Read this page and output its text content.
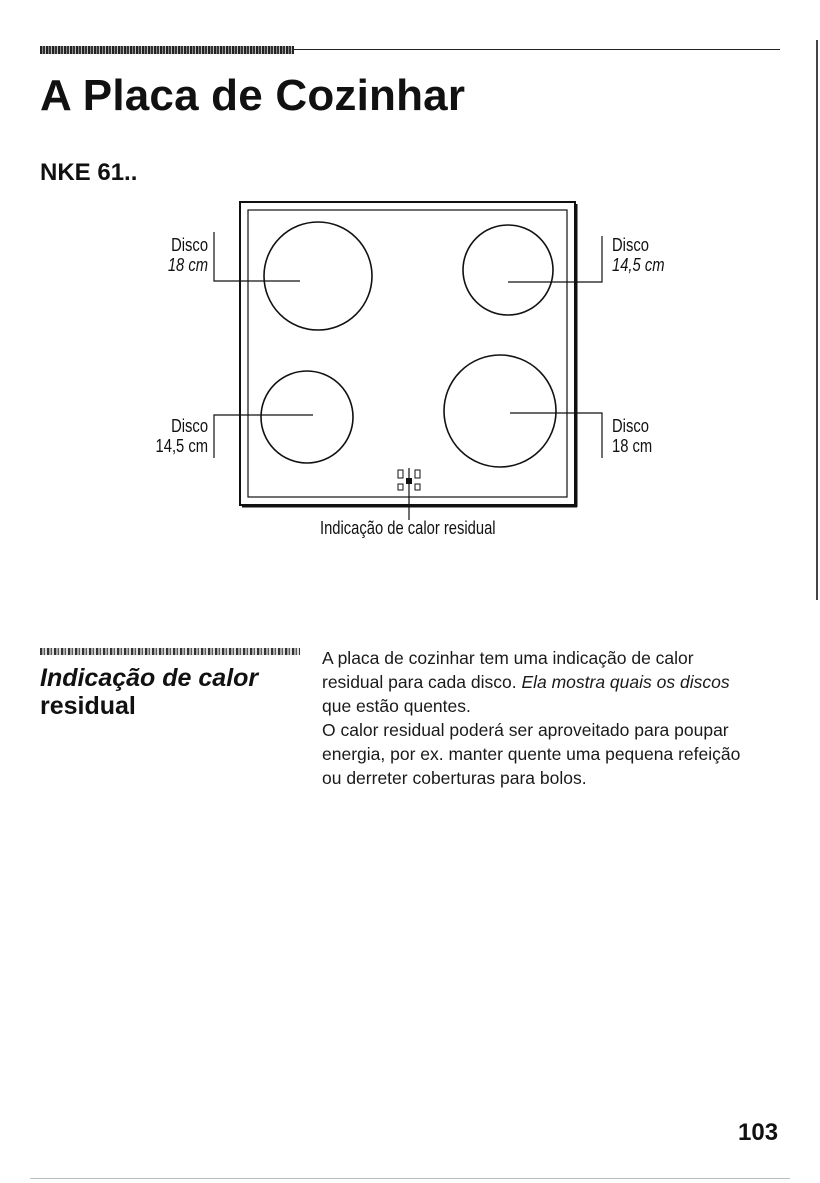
A Placa de Cozinhar
NKE 61..
Disco
18 cm
Disco
14,5 cm
Disco
14,5 cm
Disco
18 cm
Indicação de calor residual
Indicação de calor
residual

A placa de cozinhar tem uma indicação de calor
residual para cada disco. Ela mostra quais os discos
que estão quentes.

O calor residual poderá ser aproveitado para poupar
energia, por ex. manter quente uma pequena refeição
ou derreter coberturas para bolos.

103
